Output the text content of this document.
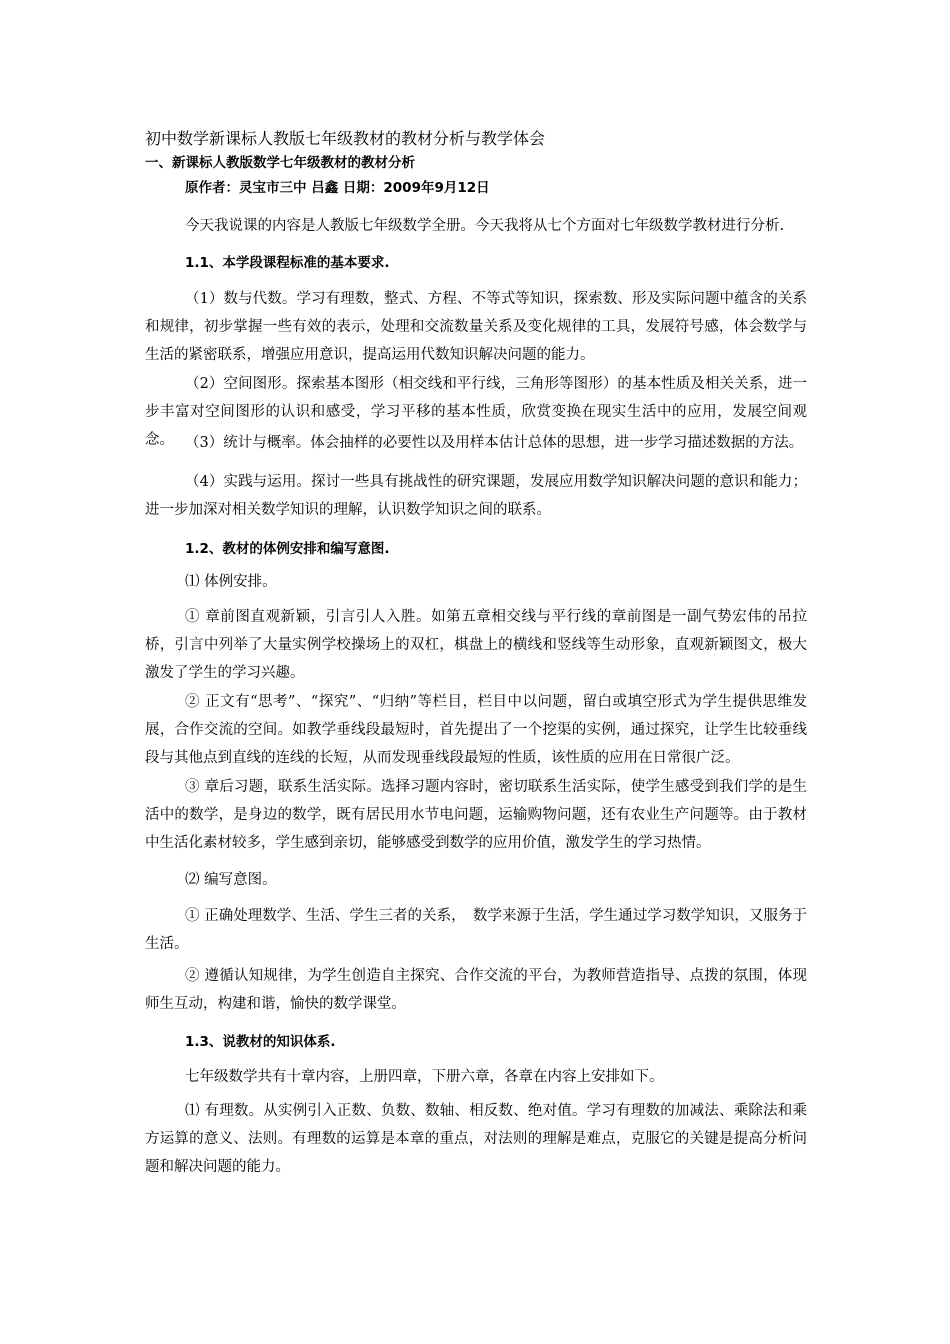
初中数学新课标人教版七年级教材的教材分析与教学体会
一、新课标人教版数学七年级教材的教材分析
原作者：灵宝市三中 吕鑫 日期：2009年9月12日
今天我说课的内容是人教版七年级数学全册。今天我将从七个方面对七年级数学教材进行分析.
1.1、本学段课程标准的基本要求.
（1）数与代数。学习有理数，整式、方程、不等式等知识，探索数、形及实际问题中蕴含的关系和规律，初步掌握一些有效的表示，处理和交流数量关系及变化规律的工具，发展符号感，体会数学与生活的紧密联系，增强应用意识，提高运用代数知识解决问题的能力。
（2）空间图形。探索基本图形（相交线和平行线，三角形等图形）的基本性质及相关关系，进一步丰富对空间图形的认识和感受，学习平移的基本性质，欣赏变换在现实生活中的应用，发展空间观念。 （3）统计与概率。体会抽样的必要性以及用样本估计总体的思想，进一步学习描述数据的方法。
（4）实践与运用。探讨一些具有挑战性的研究课题，发展应用数学知识解决问题的意识和能力；进一步加深对相关数学知识的理解，认识数学知识之间的联系。
1.2、教材的体例安排和编写意图.
⑴ 体例安排。
① 章前图直观新颖，引言引人入胜。如第五章相交线与平行线的章前图是一副气势宏伟的吊拉桥，引言中列举了大量实例学校操场上的双杠，棋盘上的横线和竖线等生动形象，直观新颖图文，极大激发了学生的学习兴趣。
② 正文有“思考”、“探究”、“归纳”等栏目，栏目中以问题，留白或填空形式为学生提供思维发展，合作交流的空间。如教学垂线段最短时，首先提出了一个挖渠的实例，通过探究，让学生比较垂线段与其他点到直线的连线的长短，从而发现垂线段最短的性质，该性质的应用在日常很广泛。
③ 章后习题，联系生活实际。选择习题内容时，密切联系生活实际，使学生感受到我们学的是生活中的数学，是身边的数学，既有居民用水节电问题，运输购物问题，还有农业生产问题等。由于教材中生活化素材较多，学生感到亲切，能够感受到数学的应用价值，激发学生的学习热情。
⑵ 编写意图。
① 正确处理数学、生活、学生三者的关系，　数学来源于生活，学生通过学习数学知识，又服务于生活。
② 遵循认知规律，为学生创造自主探究、合作交流的平台，为教师营造指导、点拨的氛围，体现师生互动，构建和谐，愉快的数学课堂。
1.3、说教材的知识体系.
七年级数学共有十章内容，上册四章，下册六章，各章在内容上安排如下。
⑴ 有理数。从实例引入正数、负数、数轴、相反数、绝对值。学习有理数的加减法、乘除法和乘方运算的意义、法则。有理数的运算是本章的重点，对法则的理解是难点，克服它的关键是提高分析问题和解决问题的能力。
